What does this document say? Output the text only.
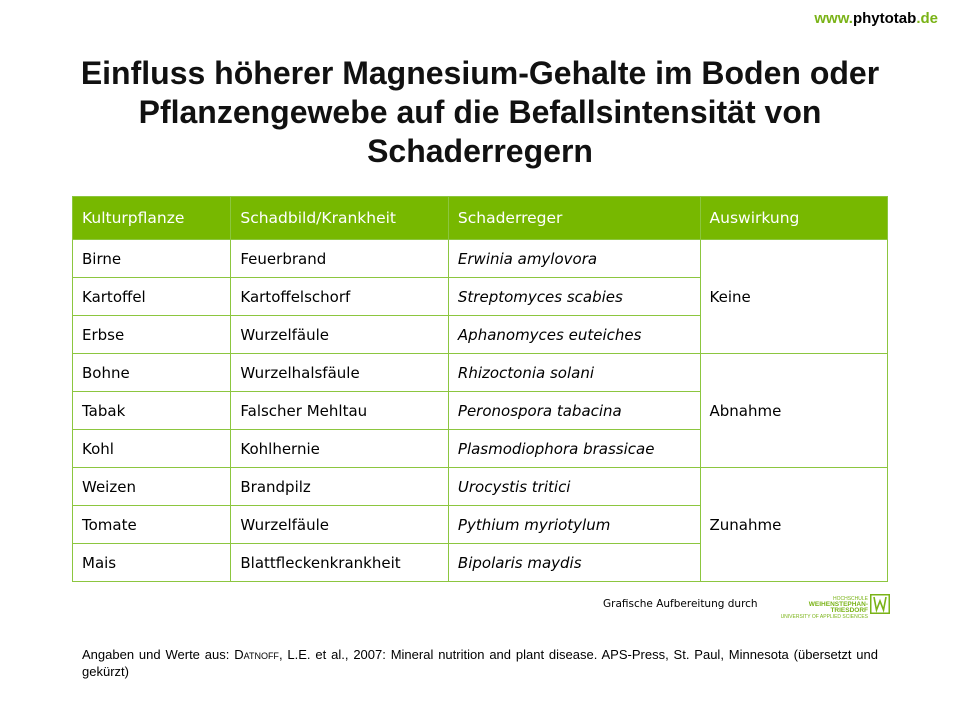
www.phytotab.de
Einfluss höherer Magnesium-Gehalte im Boden oder Pflanzengewebe auf die Befallsintensität von Schaderregern
Kulturpflanze	Schadbild/Krankheit	Schaderreger	Auswirkung
Birne	Feuerbrand	Erwinia amylovora	Keine
Kartoffel	Kartoffelschorf	Streptomyces scabies	
Erbse	Wurzelfäule	Aphanomyces euteiches	
Bohne	Wurzelhalsfäule	Rhizoctonia solani	Abnahme
Tabak	Falscher Mehltau	Peronospora tabacina	
Kohl	Kohlhernie	Plasmodiophora brassicae	
Weizen	Brandpilz	Urocystis tritici	Zunahme
Tomate	Wurzelfäule	Pythium myriotylum	
Mais	Blattfleckenkrankheit	Bipolaris maydis	
Grafische Aufbereitung durch	HOCHSCHULE
WEIHENSTEPHAN-TRIESDORF
UNIVERSITY OF APPLIED SCIENCES
Angaben und Werte aus: Datnoff, L.E. et al., 2007: Mineral nutrition and plant disease. APS-Press, St. Paul, Minnesota (übersetzt und gekürzt)
